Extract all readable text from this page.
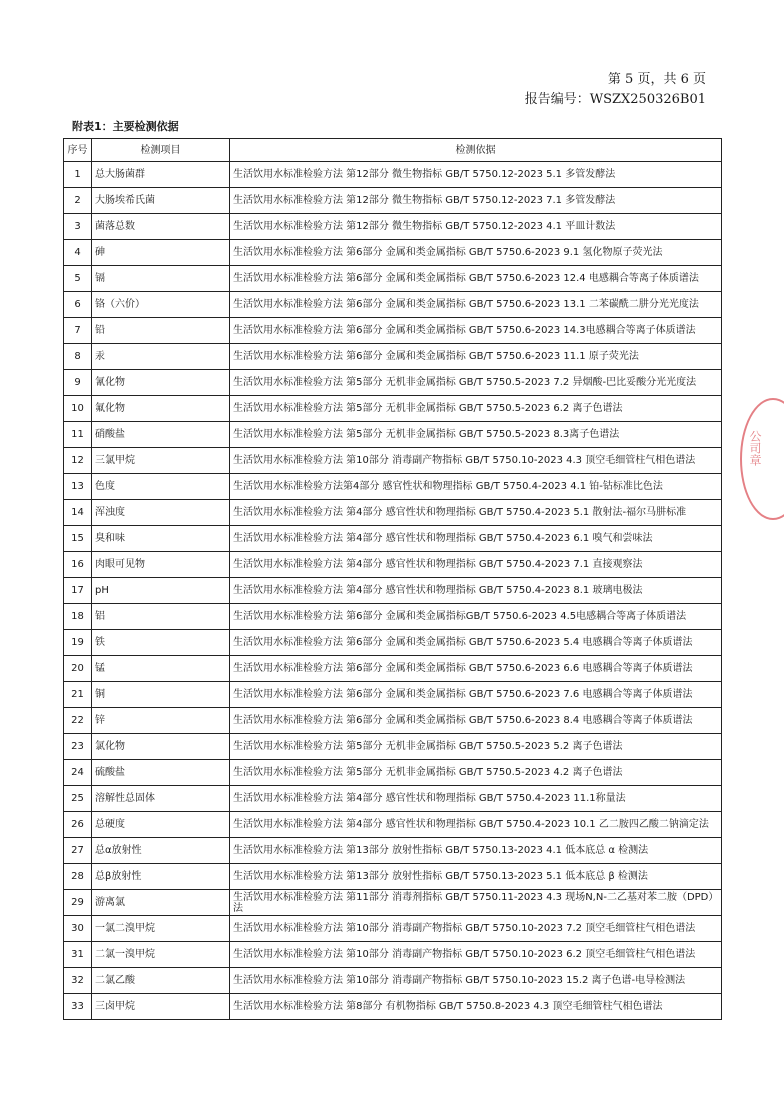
第 5 页，共 6 页
报告编号：WSZX250326B01
附表1：主要检测依据
序号	检测项目	检测依据
1	总大肠菌群	生活饮用水标准检验方法 第12部分 微生物指标 GB/T 5750.12-2023 5.1 多管发酵法
2	大肠埃希氏菌	生活饮用水标准检验方法 第12部分 微生物指标 GB/T 5750.12-2023 7.1 多管发酵法
3	菌落总数	生活饮用水标准检验方法 第12部分 微生物指标 GB/T 5750.12-2023 4.1 平皿计数法
4	砷	生活饮用水标准检验方法 第6部分 金属和类金属指标 GB/T 5750.6-2023 9.1 氢化物原子荧光法
5	镉	生活饮用水标准检验方法 第6部分 金属和类金属指标 GB/T 5750.6-2023 12.4 电感耦合等离子体质谱法
6	铬（六价）	生活饮用水标准检验方法 第6部分 金属和类金属指标 GB/T 5750.6-2023 13.1 二苯碳酰二肼分光光度法
7	铅	生活饮用水标准检验方法 第6部分 金属和类金属指标 GB/T 5750.6-2023 14.3电感耦合等离子体质谱法
8	汞	生活饮用水标准检验方法 第6部分 金属和类金属指标 GB/T 5750.6-2023 11.1 原子荧光法
9	氰化物	生活饮用水标准检验方法 第5部分 无机非金属指标 GB/T 5750.5-2023 7.2 异烟酸-巴比妥酸分光光度法
10	氟化物	生活饮用水标准检验方法 第5部分 无机非金属指标 GB/T 5750.5-2023 6.2 离子色谱法
11	硝酸盐	生活饮用水标准检验方法 第5部分 无机非金属指标 GB/T 5750.5-2023 8.3离子色谱法
12	三氯甲烷	生活饮用水标准检验方法 第10部分 消毒副产物指标 GB/T 5750.10-2023 4.3 顶空毛细管柱气相色谱法
13	色度	生活饮用水标准检验方法第4部分 感官性状和物理指标 GB/T 5750.4-2023 4.1 铂-钴标准比色法
14	浑浊度	生活饮用水标准检验方法 第4部分 感官性状和物理指标 GB/T 5750.4-2023 5.1 散射法-福尔马肼标准
15	臭和味	生活饮用水标准检验方法 第4部分 感官性状和物理指标 GB/T 5750.4-2023 6.1 嗅气和尝味法
16	肉眼可见物	生活饮用水标准检验方法 第4部分 感官性状和物理指标 GB/T 5750.4-2023 7.1 直接观察法
17	pH	生活饮用水标准检验方法 第4部分 感官性状和物理指标 GB/T 5750.4-2023 8.1 玻璃电极法
18	铝	生活饮用水标准检验方法 第6部分 金属和类金属指标GB/T 5750.6-2023 4.5电感耦合等离子体质谱法
19	铁	生活饮用水标准检验方法 第6部分 金属和类金属指标 GB/T 5750.6-2023 5.4 电感耦合等离子体质谱法
20	锰	生活饮用水标准检验方法 第6部分 金属和类金属指标 GB/T 5750.6-2023 6.6 电感耦合等离子体质谱法
21	铜	生活饮用水标准检验方法 第6部分 金属和类金属指标 GB/T 5750.6-2023 7.6 电感耦合等离子体质谱法
22	锌	生活饮用水标准检验方法 第6部分 金属和类金属指标 GB/T 5750.6-2023 8.4 电感耦合等离子体质谱法
23	氯化物	生活饮用水标准检验方法 第5部分 无机非金属指标 GB/T 5750.5-2023 5.2 离子色谱法
24	硫酸盐	生活饮用水标准检验方法 第5部分 无机非金属指标 GB/T 5750.5-2023 4.2 离子色谱法
25	溶解性总固体	生活饮用水标准检验方法 第4部分 感官性状和物理指标 GB/T 5750.4-2023 11.1称量法
26	总硬度	生活饮用水标准检验方法 第4部分 感官性状和物理指标 GB/T 5750.4-2023 10.1 乙二胺四乙酸二钠滴定法
27	总α放射性	生活饮用水标准检验方法 第13部分 放射性指标 GB/T 5750.13-2023 4.1 低本底总 α 检测法
28	总β放射性	生活饮用水标准检验方法 第13部分 放射性指标 GB/T 5750.13-2023 5.1 低本底总 β 检测法
29	游离氯	生活饮用水标准检验方法 第11部分 消毒剂指标 GB/T 5750.11-2023 4.3 现场N,N-二乙基对苯二胺（DPD）法
30	一氯二溴甲烷	生活饮用水标准检验方法 第10部分 消毒副产物指标 GB/T 5750.10-2023 7.2 顶空毛细管柱气相色谱法
31	二氯一溴甲烷	生活饮用水标准检验方法 第10部分 消毒副产物指标 GB/T 5750.10-2023 6.2 顶空毛细管柱气相色谱法
32	二氯乙酸	生活饮用水标准检验方法 第10部分 消毒副产物指标 GB/T 5750.10-2023 15.2 离子色谱-电导检测法
33	三卤甲烷	生活饮用水标准检验方法 第8部分 有机物指标 GB/T 5750.8-2023 4.3 顶空毛细管柱气相色谱法
公司章
